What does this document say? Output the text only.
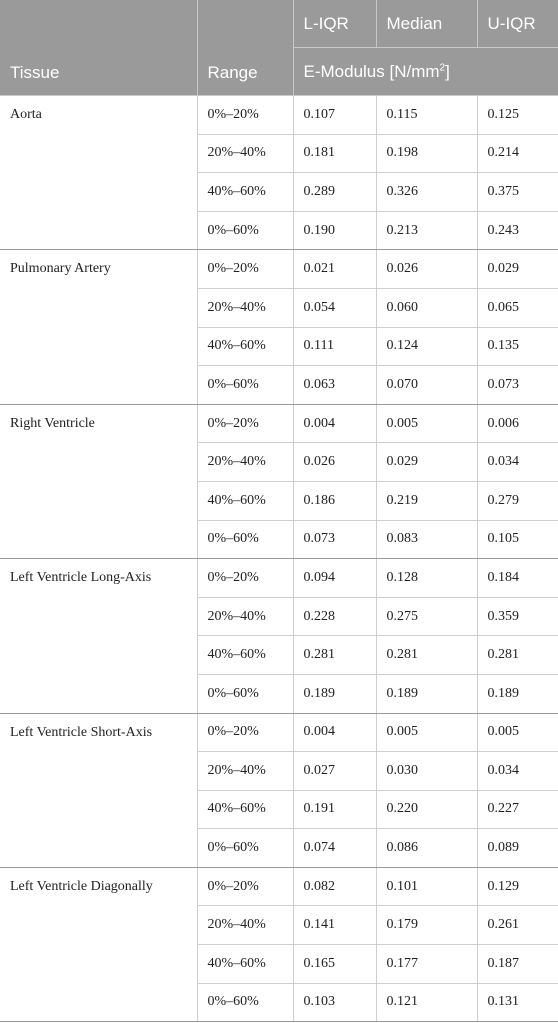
Tissue	Range	L-IQR	Median	U-IQR
		E-Modulus $[N/mm^2]$		
Aorta	0%–20%	0.107	0.115	0.125
	20%–40%	0.181	0.198	0.214
	40%–60%	0.289	0.326	0.375
	0%–60%	0.190	0.213	0.243
Pulmonary Artery	0%–20%	0.021	0.026	0.029
	20%–40%	0.054	0.060	0.065
	40%–60%	0.111	0.124	0.135
	0%–60%	0.063	0.070	0.073
Right Ventricle	0%–20%	0.004	0.005	0.006
	20%–40%	0.026	0.029	0.034
	40%–60%	0.186	0.219	0.279
	0%–60%	0.073	0.083	0.105
Left Ventricle Long-Axis	0%–20%	0.094	0.128	0.184
	20%–40%	0.228	0.275	0.359
	40%–60%	0.281	0.281	0.281
	0%–60%	0.189	0.189	0.189
Left Ventricle Short-Axis	0%–20%	0.004	0.005	0.005
	20%–40%	0.027	0.030	0.034
	40%–60%	0.191	0.220	0.227
	0%–60%	0.074	0.086	0.089
Left Ventricle Diagonally	0%–20%	0.082	0.101	0.129
	20%–40%	0.141	0.179	0.261
	40%–60%	0.165	0.177	0.187
	0%–60%	0.103	0.121	0.131
